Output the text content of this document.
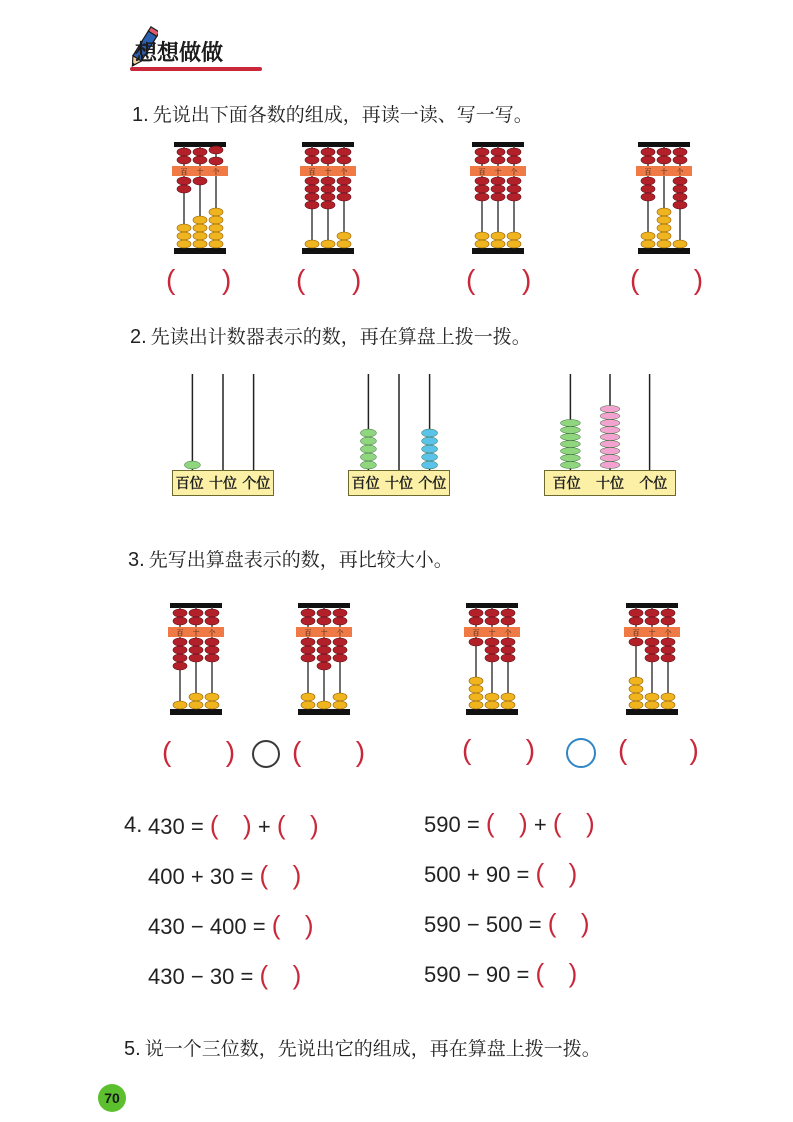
想想做做
1. 先说出下面各数的组成，再读一读、写一写。
百 十 个	百 十 个	百 十 个	百 十 个
(      ) (      )	(      )	(       )
2. 先读出计数器表示的数，再在算盘上拨一拨。
百位 十位 个位	百位 十位 个位	百位 十位 个位
3. 先写出算盘表示的数，再比较大小。
百 十 个	百 十 个	百 十 个	百 十 个
(       ) (       )	(       )	(        )
4. 430 = ( ) + ( )
400 + 30 = ( )
430 − 400 = ( )
430 − 30 = ( )
590 = ( ) + ( )
500 + 90 = ( )
590 − 500 = ( )
590 − 90 = ( )
5. 说一个三位数，先说出它的组成，再在算盘上拨一拨。
70
